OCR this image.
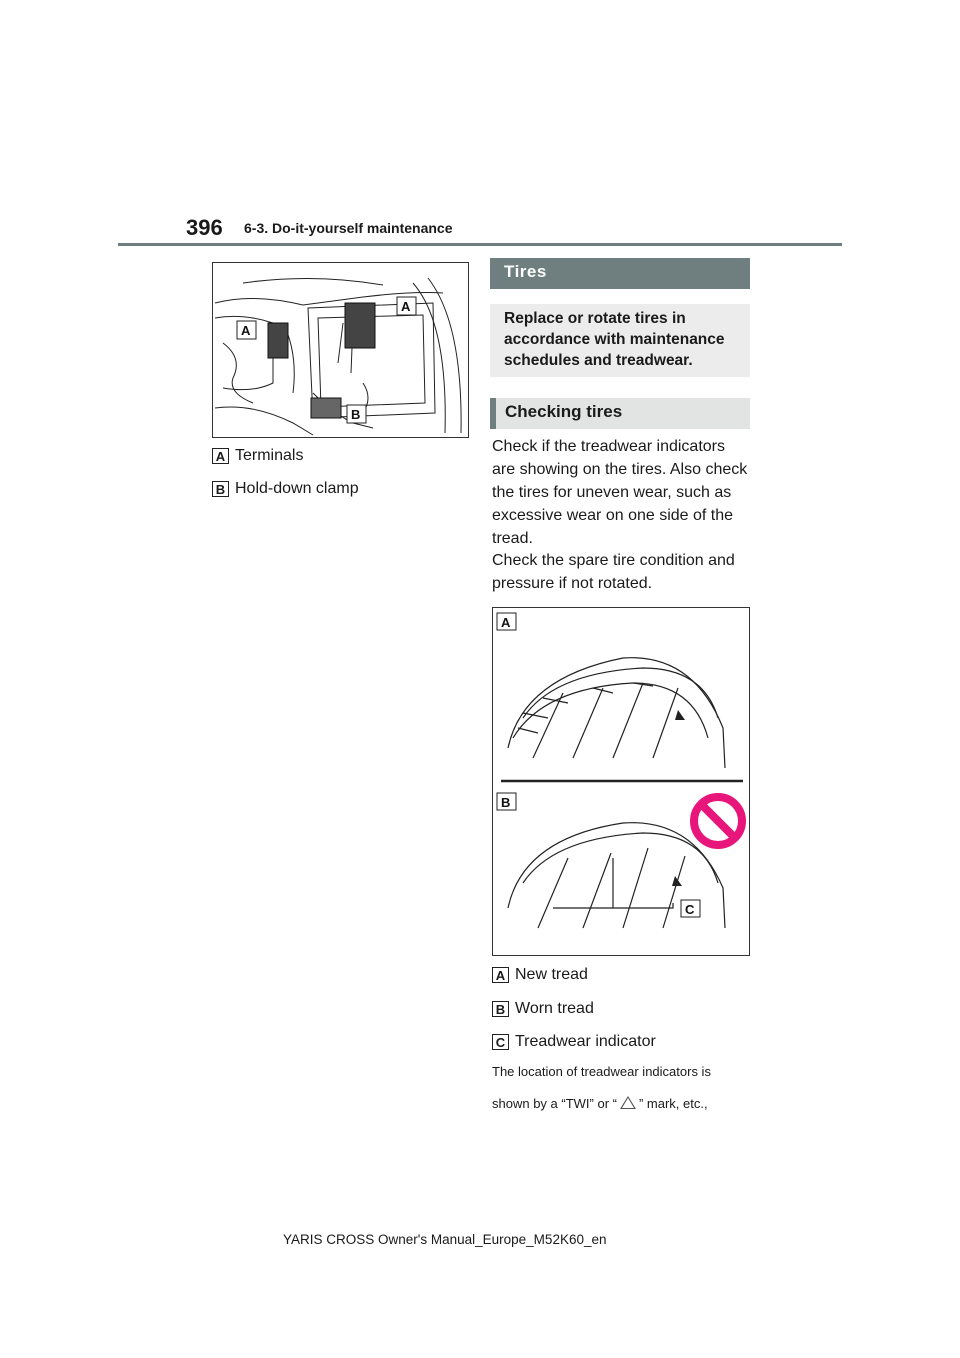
396 6-3. Do-it-yourself maintenance
A
A
B
A Terminals
B Hold-down clamp
Tires
Replace or rotate tires in accordance with maintenance schedules and treadwear.
Checking tires

Check if the treadwear indicators are showing on the tires. Also check the tires for uneven wear, such as excessive wear on one side of the tread.

Check the spare tire condition and pressure if not rotated.

A
B
C
A New tread
B Worn tread
C Treadwear indicator
The location of treadwear indicators is
shown by a “TWI” or “ ” mark, etc.,
YARIS CROSS Owner's Manual_Europe_M52K60_en
